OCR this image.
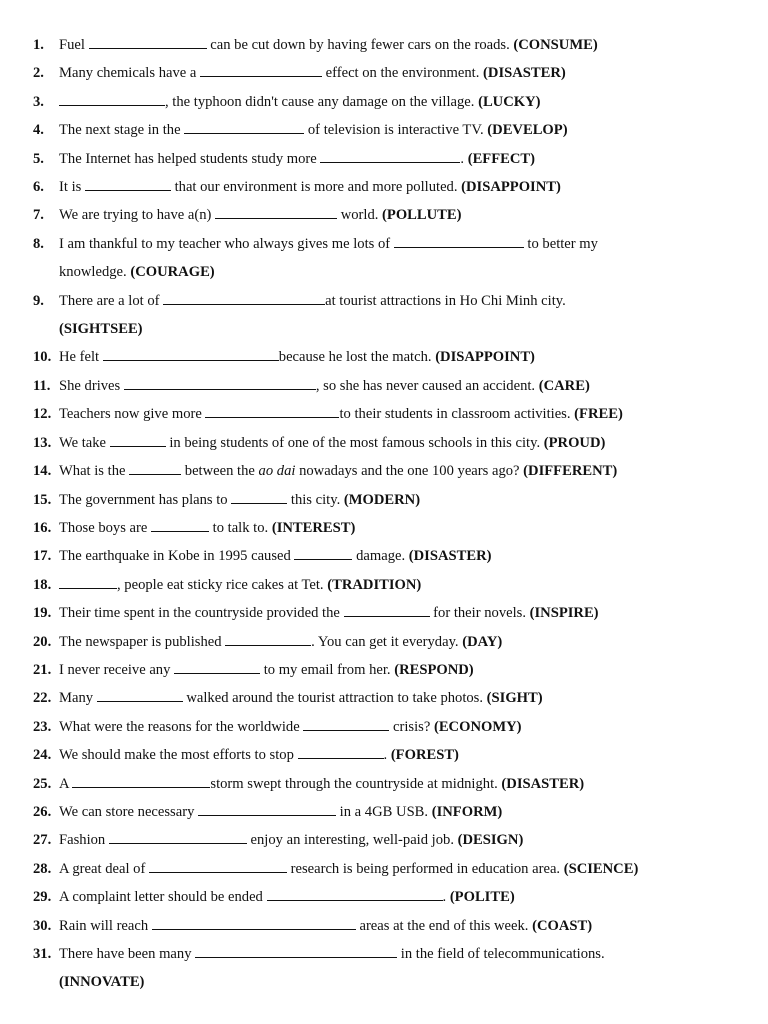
1. Fuel	can be cut down by having fewer cars on the roads. (CONSUME)
2. Many chemicals have a	effect on the environment. (DISASTER)
3.	, the typhoon didn't cause any damage on the village. (LUCKY)
4. The next stage in the	of television is interactive TV. (DEVELOP)
5. The Internet has helped students study more	. (EFFECT)
6. It is	that our environment is more and more polluted. (DISAPPOINT)
7. We are trying to have a(n)	world. (POLLUTE)
8. I am thankful to my teacher who always gives me lots of	to better my
knowledge. (COURAGE)
9. There are a lot of	at tourist attractions in Ho Chi Minh city.
(SIGHTSEE)
10. He felt	because he lost the match. (DISAPPOINT)
11. She drives	, so she has never caused an accident. (CARE)
12. Teachers now give more	to their students in classroom activities. (FREE)
13. We take	in being students of one of the most famous schools in this city. (PROUD)
14. What is the	between the ao dai nowadays and the one 100 years ago? (DIFFERENT)
15. The government has plans to	this city. (MODERN)
16. Those boys are	to talk to. (INTEREST)
17. The earthquake in Kobe in 1995 caused	damage. (DISASTER)
18.	, people eat sticky rice cakes at Tet. (TRADITION)
19. Their time spent in the countryside provided the	for their novels. (INSPIRE)
20. The newspaper is published	. You can get it everyday. (DAY)
21. I never receive any	to my email from her. (RESPOND)
22. Many	walked around the tourist attraction to take photos. (SIGHT)
23. What were the reasons for the worldwide	crisis? (ECONOMY)
24. We should make the most efforts to stop	. (FOREST)
25. A	storm swept through the countryside at midnight. (DISASTER)
26. We can store necessary	in a 4GB USB. (INFORM)
27. Fashion	enjoy an interesting, well-paid job. (DESIGN)
28. A great deal of	research is being performed in education area. (SCIENCE)
29. A complaint letter should be ended	. (POLITE)
30. Rain will reach	areas at the end of this week. (COAST)
31. There have been many	in the field of telecommunications.
(INNOVATE)
